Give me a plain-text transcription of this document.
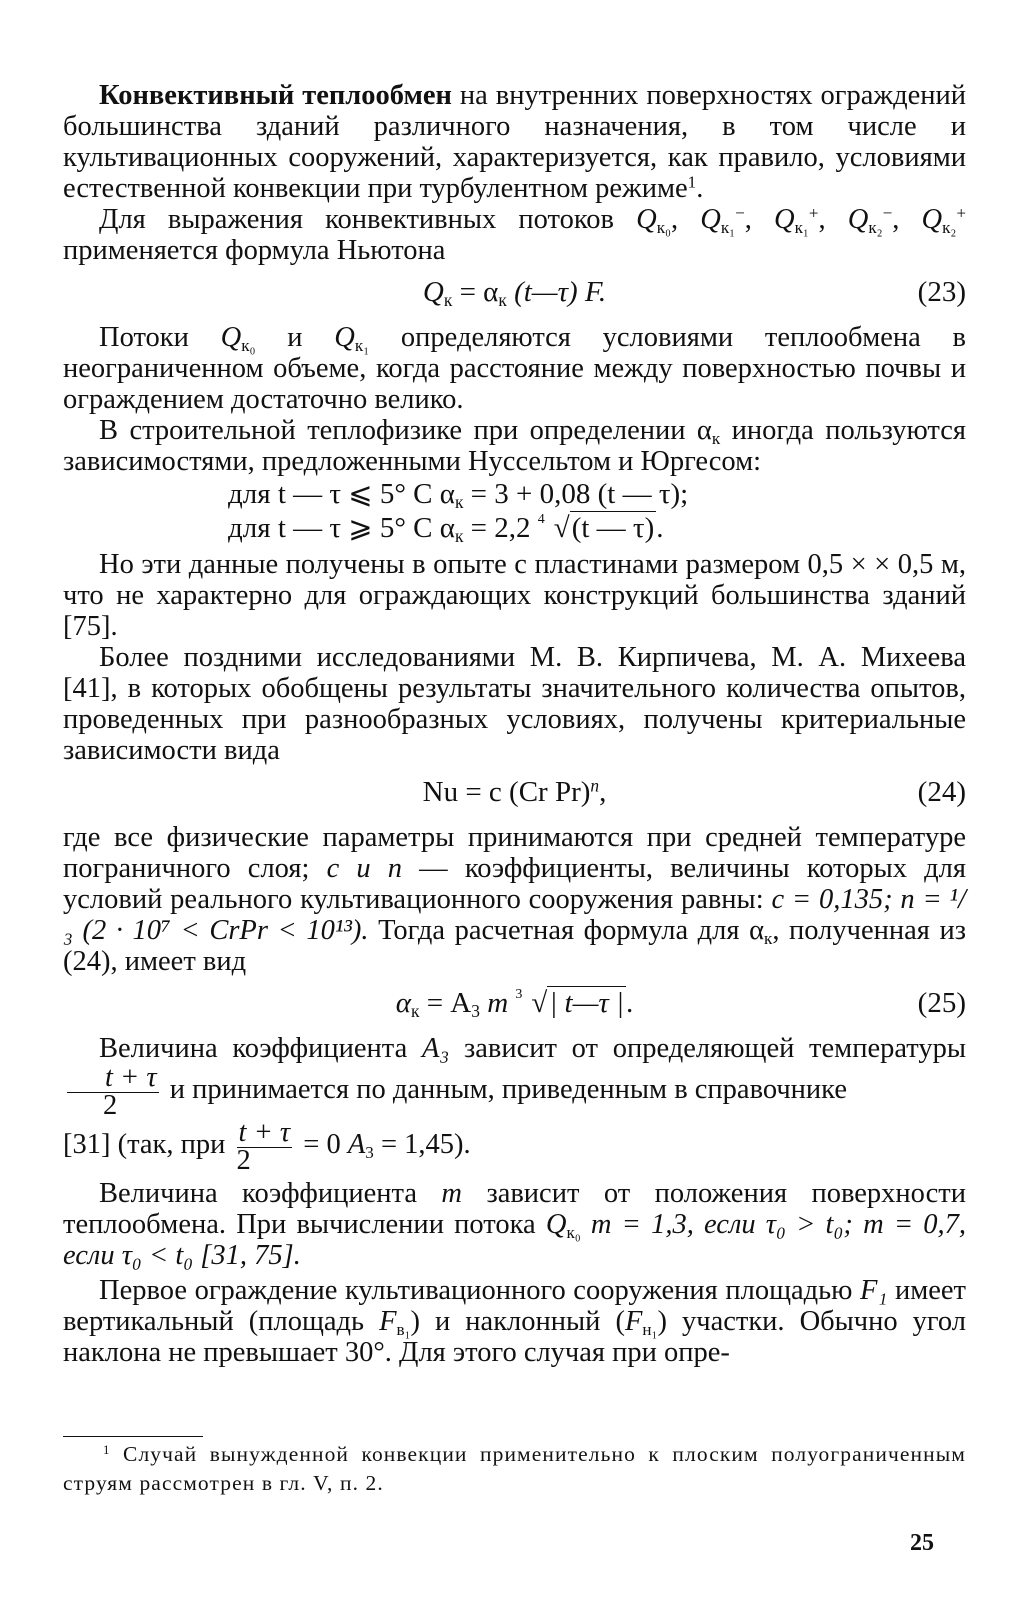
Конвективный теплообмен на внутренних поверхностях ограждений большинства зданий различного назначения, в том числе и культивационных сооружений, характеризуется, как правило, условиями естественной конвекции при турбулентном режиме$^1$.

Для выражения конвективных потоков $Q_{к_0}$, $Q_{к_1}^-$, $Q_{к_1}^+$, $Q_{к_2}^-$, $Q_{к_2}^+$ применяется формула Ньютона

$Q_к = \alpha_к$ (t—τ) F.	(23)

Потоки $Q_{к_0}$ и $Q_{к_1}$ определяются условиями теплообмена в неограниченном объеме, когда расстояние между поверхностью почвы и ограждением достаточно велико.

В строительной теплофизике при определении $\alpha_к$ иногда пользуются зависимостями, предложенными Нуссельтом и Юргесом:

для t — τ ⩽ 5° C $\alpha_к = 3 + 0,08$ (t — τ);
для t — τ ⩾ 5° C $\alpha_к = 2,2$ 4 √(t — τ).

Но эти данные получены в опыте с пластинами размером 0,5 × × 0,5 м, что не характерно для ограждающих конструкций большинства зданий [75].

Более поздними исследованиями М. В. Кирпичева, М. А. Михеева [41], в которых обобщены результаты значительного количества опытов, проведенных при разнообразных условиях, получены критериальные зависимости вида

Nu = c (Cr Pr)$^n$,	(24)

где все физические параметры принимаются при средней температуре пограничного слоя; c и n — коэффициенты, величины которых для условий реального культивационного сооружения равны: c = 0,135; n = ¹/₃ (2 · 10⁷ < CrPr < 10¹³). Тогда расчетная формула для $\alpha_к$, полученная из (24), имеет вид

$\alpha_к = A_3$ m 3 √| t—τ |.	(25)

Величина коэффициента A₃ зависит от определяющей температуры
$\frac{t + \tau}{2}$ и принимается по данным, приведенным в справочнике

[31] (так, при $\frac{t + \tau}{2} = 0$ $A_3 = 1,45$).

Величина коэффициента m зависит от положения поверхности теплообмена. При вычислении потока $Q_{к_0}$ m = 1,3, если τ₀ > t₀; m = 0,7, если τ₀ < t₀ [31, 75].

Первое ограждение культивационного сооружения площадью F₁ имеет вертикальный (площадь $F_{в_1}$) и наклонный $(F_{н_1})$ участки. Обычно угол наклона не превышает 30°. Для этого случая при опре-

$^1$ Случай вынужденной конвекции применительно к плоским полуограниченным струям рассмотрен в гл. V, п. 2.

25
